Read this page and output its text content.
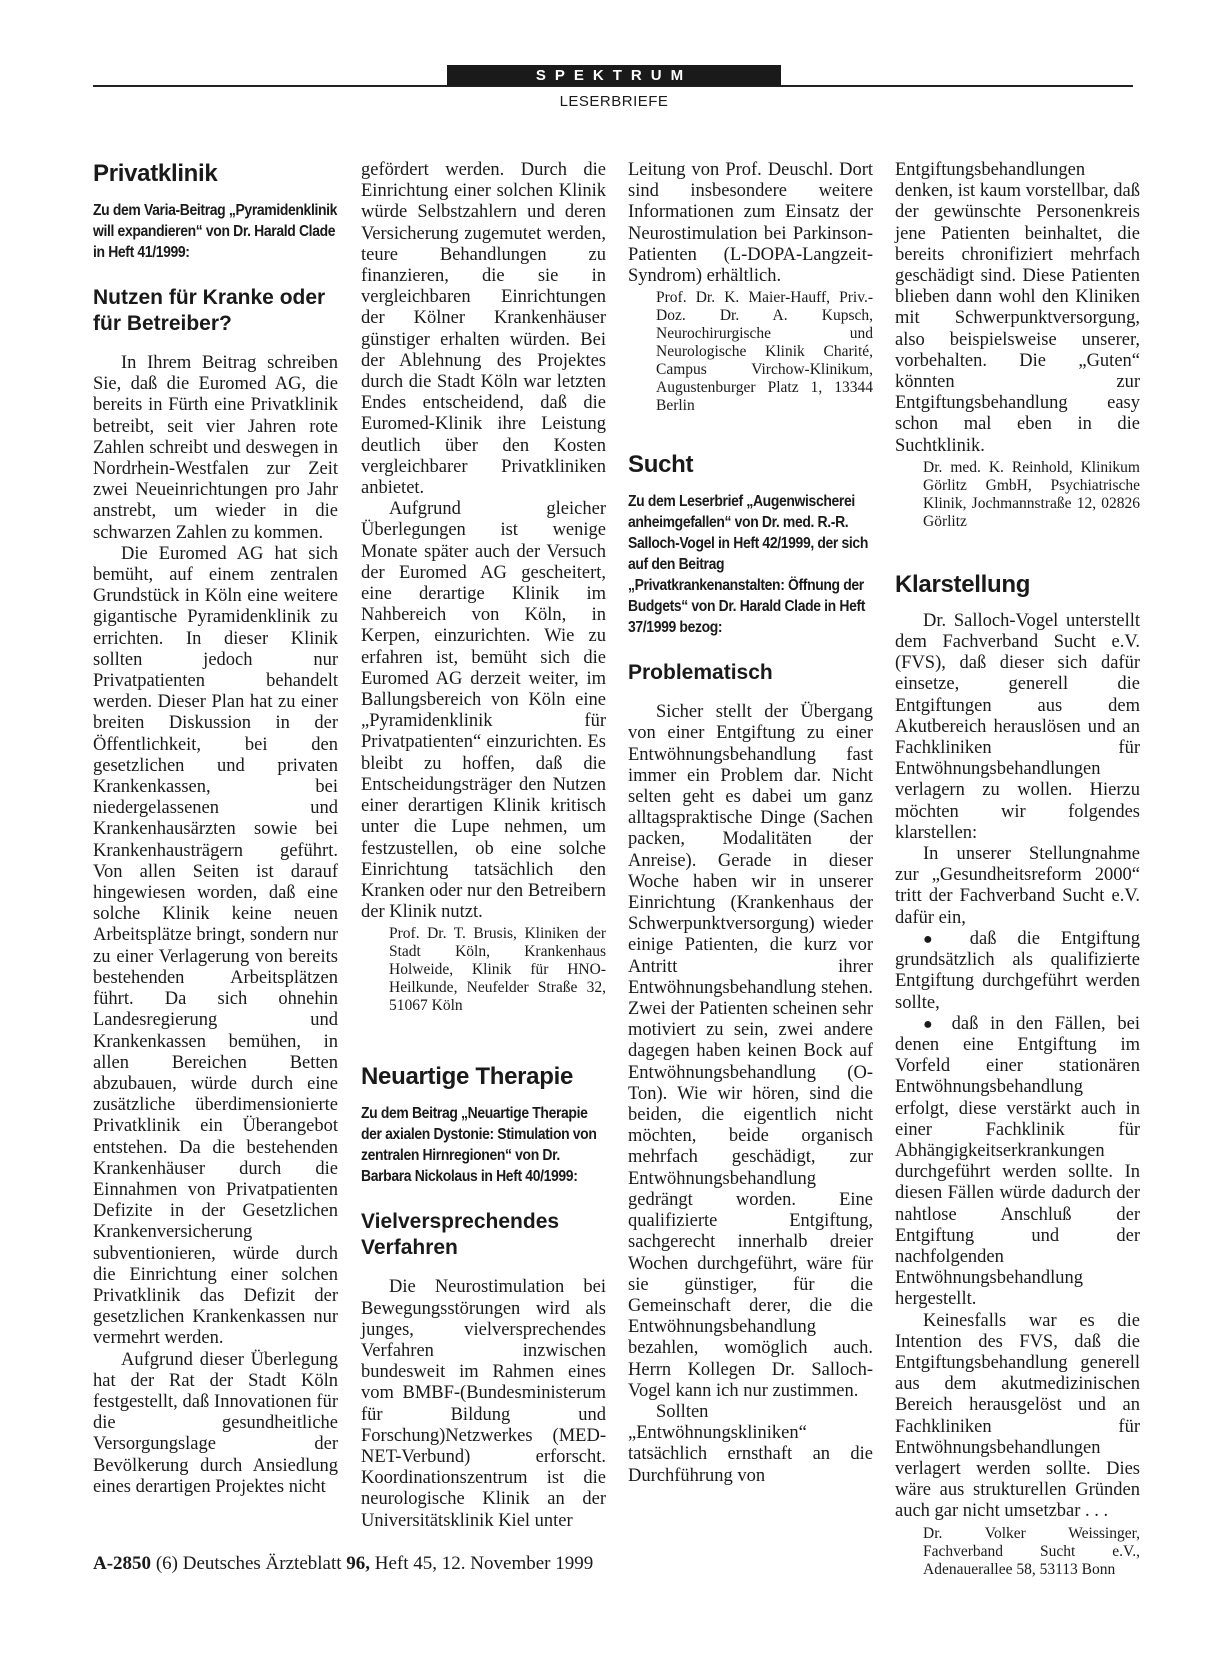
SPEKTRUM
LESERBRIEFE
Privatklinik
Zu dem Varia-Beitrag „Pyramidenklinik will expandieren“ von Dr. Harald Clade in Heft 41/1999:
Nutzen für Kranke oder für Betreiber?

In Ihrem Beitrag schreiben Sie, daß die Euromed AG, die bereits in Fürth eine Privatklinik betreibt, seit vier Jahren rote Zahlen schreibt und deswegen in Nordrhein-Westfalen zur Zeit zwei Neueinrichtungen pro Jahr anstrebt, um wieder in die schwarzen Zahlen zu kommen.

Die Euromed AG hat sich bemüht, auf einem zentralen Grundstück in Köln eine weitere gigantische Pyramidenklinik zu errichten. In dieser Klinik sollten jedoch nur Privatpatienten behandelt werden. Dieser Plan hat zu einer breiten Diskussion in der Öffentlichkeit, bei den gesetzlichen und privaten Krankenkassen, bei niedergelassenen und Krankenhausärzten sowie bei Krankenhausträgern geführt. Von allen Seiten ist darauf hingewiesen worden, daß eine solche Klinik keine neuen Arbeitsplätze bringt, sondern nur zu einer Verlagerung von bereits bestehenden Arbeitsplätzen führt. Da sich ohnehin Landesregierung und Krankenkassen bemühen, in allen Bereichen Betten abzubauen, würde durch eine zusätzliche überdimensionierte Privatklinik ein Überangebot entstehen. Da die bestehenden Krankenhäuser durch die Einnahmen von Privatpatienten Defizite in der Gesetzlichen Krankenversicherung subventionieren, würde durch die Einrichtung einer solchen Privatklinik das Defizit der gesetzlichen Krankenkassen nur vermehrt werden.

Aufgrund dieser Überlegung hat der Rat der Stadt Köln festgestellt, daß Innovationen für die gesundheitliche Versorgungslage der Bevölkerung durch Ansiedlung eines derartigen Projektes nicht

gefördert werden. Durch die Einrichtung einer solchen Klinik würde Selbstzahlern und deren Versicherung zugemutet werden, teure Behandlungen zu finanzieren, die sie in vergleichbaren Einrichtungen der Kölner Krankenhäuser günstiger erhalten würden. Bei der Ablehnung des Projektes durch die Stadt Köln war letzten Endes entscheidend, daß die Euromed-Klinik ihre Leistung deutlich über den Kosten vergleichbarer Privatkliniken anbietet.

Aufgrund gleicher Überlegungen ist wenige Monate später auch der Versuch der Euromed AG gescheitert, eine derartige Klinik im Nahbereich von Köln, in Kerpen, einzurichten. Wie zu erfahren ist, bemüht sich die Euromed AG derzeit weiter, im Ballungsbereich von Köln eine „Pyramidenklinik für Privatpatienten“ einzurichten. Es bleibt zu hoffen, daß die Entscheidungsträger den Nutzen einer derartigen Klinik kritisch unter die Lupe nehmen, um festzustellen, ob eine solche Einrichtung tatsächlich den Kranken oder nur den Betreibern der Klinik nutzt.

Prof. Dr. T. Brusis, Kliniken der Stadt Köln, Krankenhaus Holweide, Klinik für HNO-Heilkunde, Neufelder Straße 32, 51067 Köln

Neuartige Therapie
Zu dem Beitrag „Neuartige Therapie der axialen Dystonie: Stimulation von zentralen Hirnregionen“ von Dr. Barbara Nickolaus in Heft 40/1999:
Vielversprechendes Verfahren

Die Neurostimulation bei Bewegungsstörungen wird als junges, vielversprechendes Verfahren inzwischen bundesweit im Rahmen eines vom BMBF-(Bundesministerum für Bildung und Forschung)Netzwerkes (MED-NET-Verbund) erforscht. Koordinationszentrum ist die neurologische Klinik an der Universitätsklinik Kiel unter

Leitung von Prof. Deuschl. Dort sind insbesondere weitere Informationen zum Einsatz der Neurostimulation bei Parkinson-Patienten (L-DOPA-Langzeit-Syndrom) erhältlich.

Prof. Dr. K. Maier-Hauff, Priv.-Doz. Dr. A. Kupsch, Neurochirurgische und Neurologische Klinik Charité, Campus Virchow-Klinikum, Augustenburger Platz 1, 13344 Berlin

Sucht
Zu dem Leserbrief „Augenwischerei anheimgefallen“ von Dr. med. R.-R. Salloch-Vogel in Heft 42/1999, der sich auf den Beitrag „Privatkrankenanstalten: Öffnung der Budgets“ von Dr. Harald Clade in Heft 37/1999 bezog:
Problematisch

Sicher stellt der Übergang von einer Entgiftung zu einer Entwöhnungsbehandlung fast immer ein Problem dar. Nicht selten geht es dabei um ganz alltagspraktische Dinge (Sachen packen, Modalitäten der Anreise). Gerade in dieser Woche haben wir in unserer Einrichtung (Krankenhaus der Schwerpunktversorgung) wieder einige Patienten, die kurz vor Antritt ihrer Entwöhnungsbehandlung stehen. Zwei der Patienten scheinen sehr motiviert zu sein, zwei andere dagegen haben keinen Bock auf Entwöhnungsbehandlung (O-Ton). Wie wir hören, sind die beiden, die eigentlich nicht möchten, beide organisch mehrfach geschädigt, zur Entwöhnungsbehandlung gedrängt worden. Eine qualifizierte Entgiftung, sachgerecht innerhalb dreier Wochen durchgeführt, wäre für sie günstiger, für die Gemeinschaft derer, die die Entwöhnungsbehandlung bezahlen, womöglich auch. Herrn Kollegen Dr. Salloch-Vogel kann ich nur zustimmen.

Sollten „Entwöhnungskliniken“ tatsächlich ernsthaft an die Durchführung von

Entgiftungsbehandlungen denken, ist kaum vorstellbar, daß der gewünschte Personenkreis jene Patienten beinhaltet, die bereits chronifiziert mehrfach geschädigt sind. Diese Patienten blieben dann wohl den Kliniken mit Schwerpunktversorgung, also beispielsweise unserer, vorbehalten. Die „Guten“ könnten zur Entgiftungsbehandlung easy schon mal eben in die Suchtklinik.

Dr. med. K. Reinhold, Klinikum Görlitz GmbH, Psychiatrische Klinik, Jochmannstraße 12, 02826 Görlitz

Klarstellung

Dr. Salloch-Vogel unterstellt dem Fachverband Sucht e.V. (FVS), daß dieser sich dafür einsetze, generell die Entgiftungen aus dem Akutbereich herauslösen und an Fachkliniken für Entwöhnungsbehandlungen verlagern zu wollen. Hierzu möchten wir folgendes klarstellen:

In unserer Stellungnahme zur „Gesundheitsreform 2000“ tritt der Fachverband Sucht e.V. dafür ein,

● daß die Entgiftung grundsätzlich als qualifizierte Entgiftung durchgeführt werden sollte,

● daß in den Fällen, bei denen eine Entgiftung im Vorfeld einer stationären Entwöhnungsbehandlung erfolgt, diese verstärkt auch in einer Fachklinik für Abhängigkeitserkrankungen durchgeführt werden sollte. In diesen Fällen würde dadurch der nahtlose Anschluß der Entgiftung und der nachfolgenden Entwöhnungsbehandlung hergestellt.

Keinesfalls war es die Intention des FVS, daß die Entgiftungsbehandlung generell aus dem akutmedizinischen Bereich herausgelöst und an Fachkliniken für Entwöhnungsbehandlungen verlagert werden sollte. Dies wäre aus strukturellen Gründen auch gar nicht umsetzbar . . .

Dr. Volker Weissinger, Fachverband Sucht e.V., Adenauerallee 58, 53113 Bonn

A-2850 (6) Deutsches Ärzteblatt 96, Heft 45, 12. November 1999
